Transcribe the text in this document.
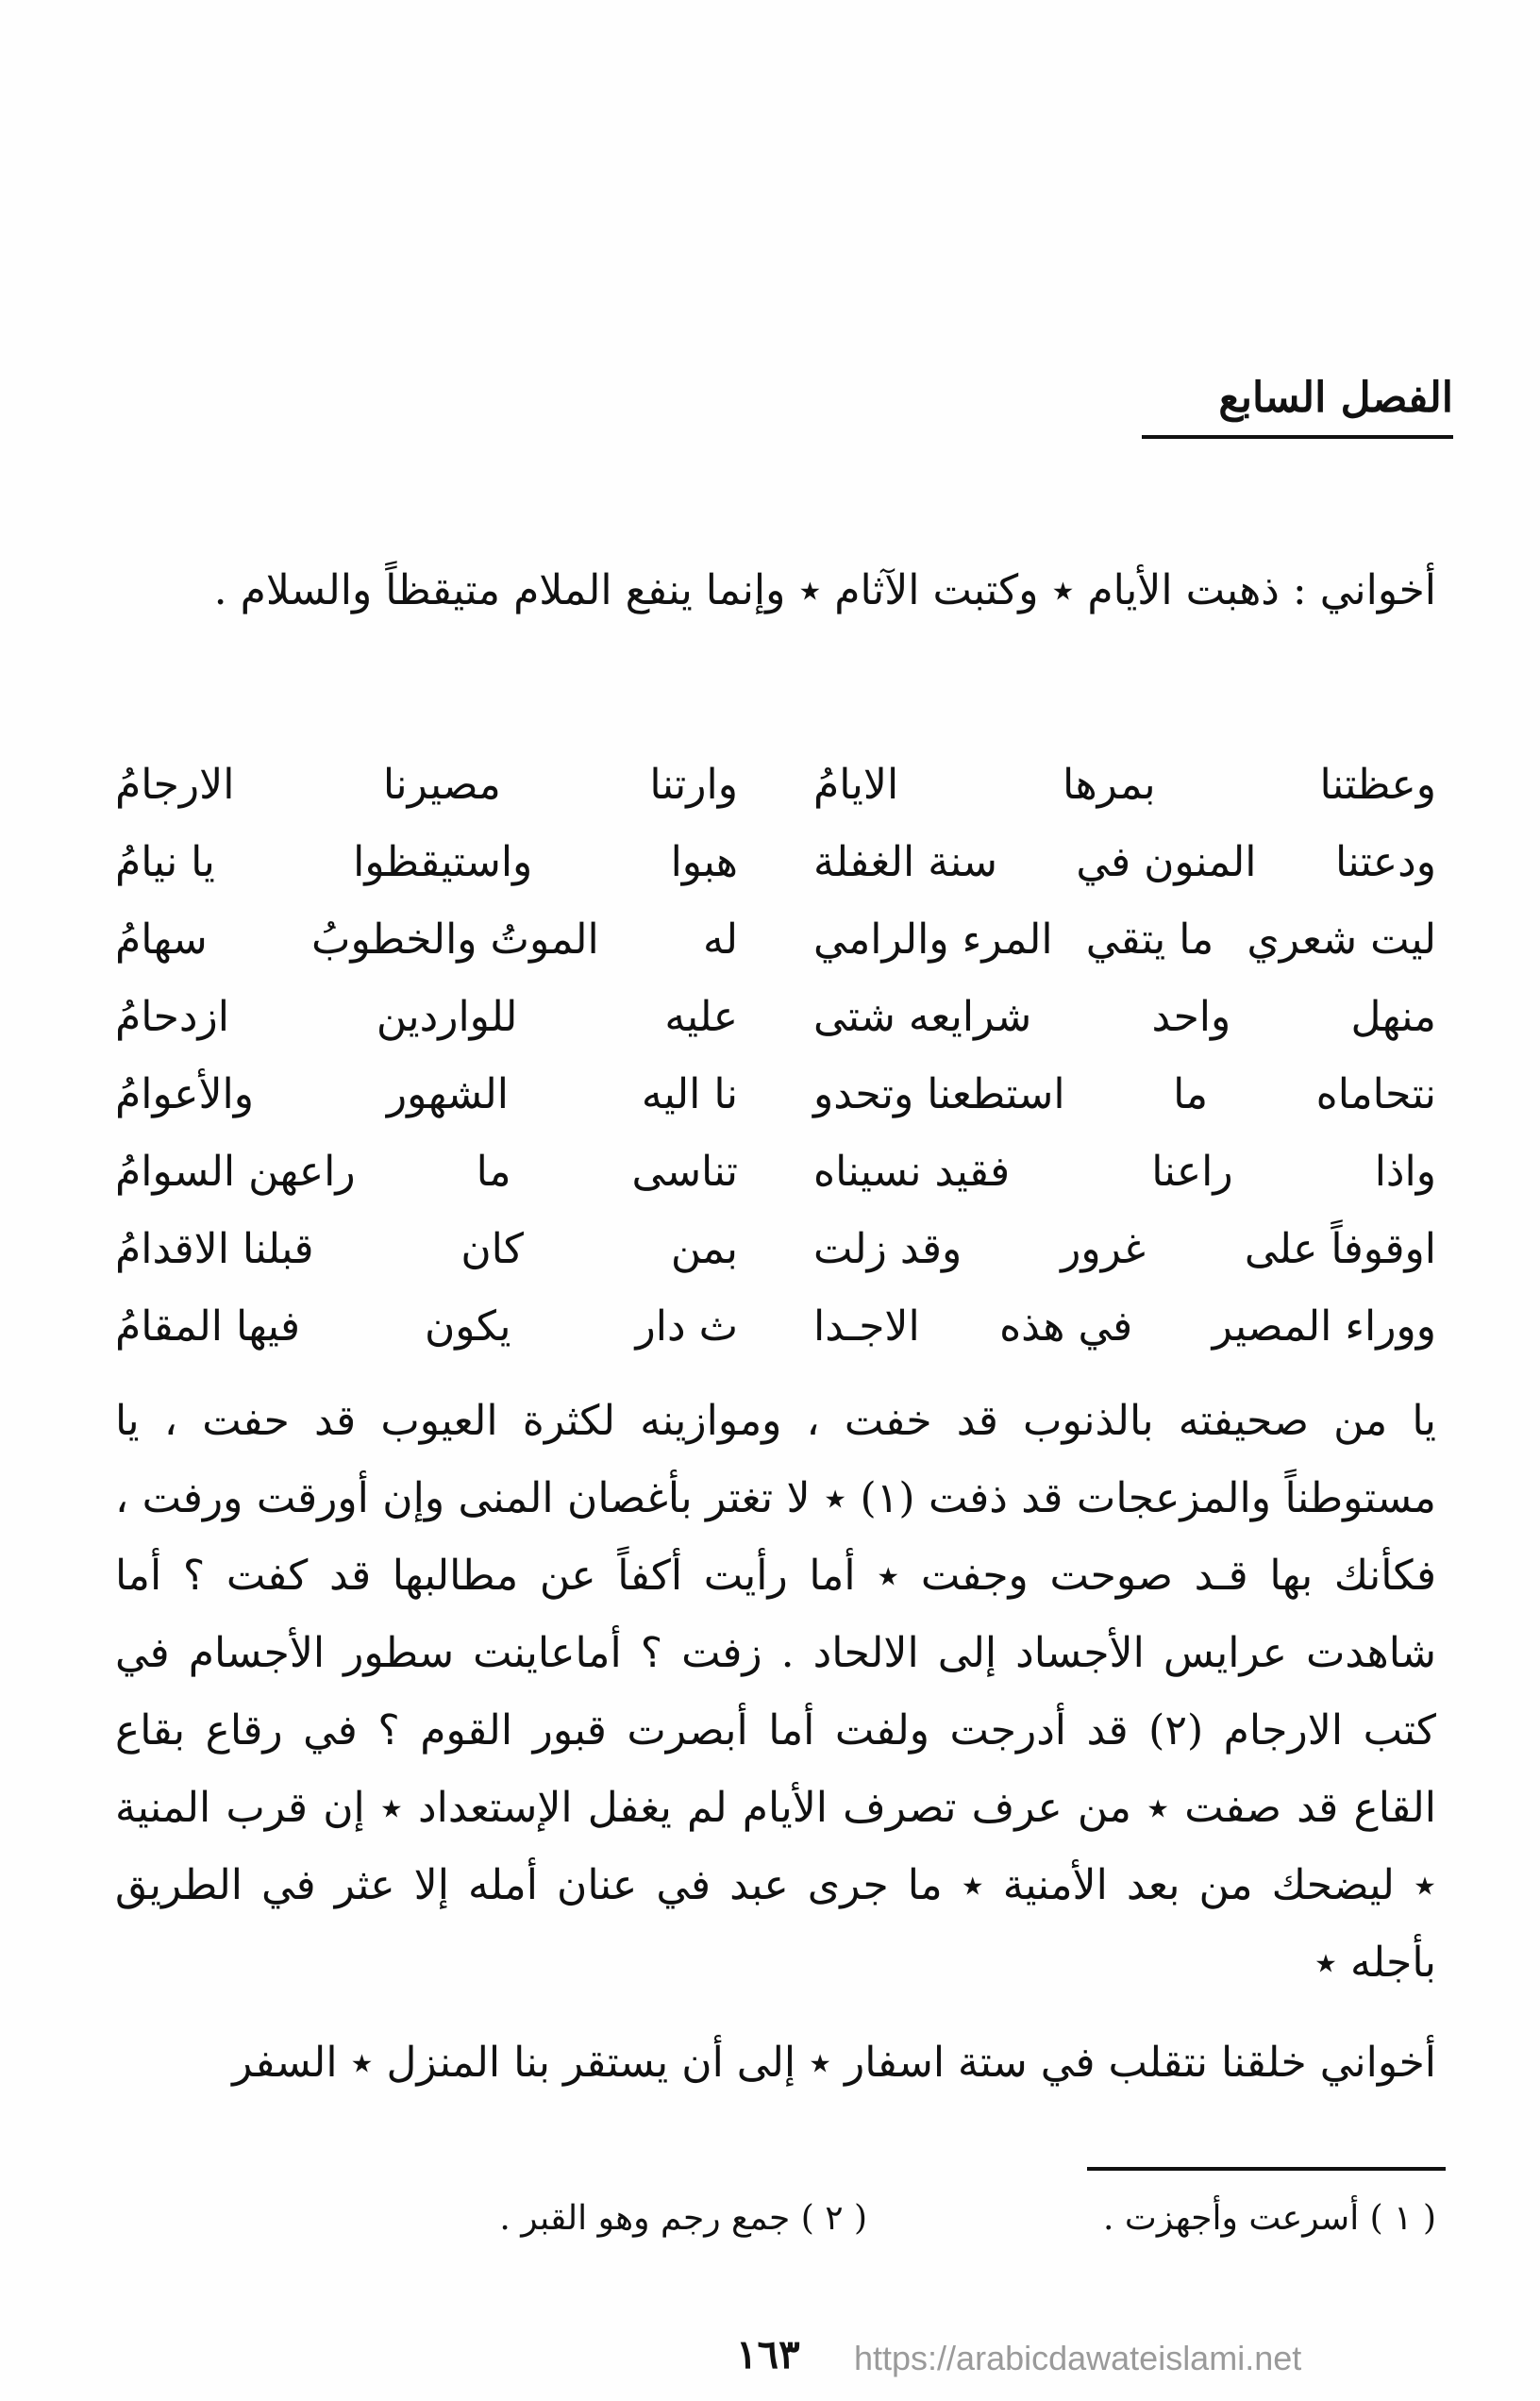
الفصل السابع
أخواني : ذهبت الأيام ٭ وكتبت الآثام ٭ وإنما ينفع الملام متيقظاً والسلام .
وعظتنا
بمرها
الايامُ
وارتنا
مصيرنا
الارجامُ
ودعتنا
المنون في
سنة الغفلة
هبوا
واستيقظوا
يا نيامُ
ليت شعري
ما يتقي
المرء والرامي
له
الموتُ والخطوبُ
سهامُ
منهل
واحد
شرايعه شتى
عليه
للواردين
ازدحامُ
نتحاماه
ما
استطعنا وتحدو
نا اليه
الشهور
والأعوامُ
واذا
راعنا
فقيد نسيناه
تناسى
ما
راعهن السوامُ
اوقوفاً على
غرور
وقد زلت
بمن
كان
قبلنا الاقدامُ
ووراء المصير
في هذه
الاجـدا
ث دار
يكون
فيها المقامُ
يا من صحيفته بالذنوب قد خفت ، وموازينه لكثرة العيوب قد حفت ، يا مستوطناً والمزعجات قد ذفت (١) ٭ لا تغتر بأغصان المنى وإن أورقت ورفت ، فكأنك بها قـد صوحت وجفت ٭ أما رأيت أكفاً عن مطالبها قد كفت ؟ أما شاهدت عرايس الأجساد إلى الالحاد . زفت ؟ أماعاينت سطور الأجسام في كتب الارجام (٢) قد أدرجت ولفت أما أبصرت قبور القوم ؟ في رقاع بقاع القاع قد صفت ٭ من عرف تصرف الأيام لم يغفل الإستعداد ٭ إن قرب المنية ٭ ليضحك من بعد الأمنية ٭ ما جرى عبد في عنان أمله إلا عثر في الطريق بأجله ٭
أخواني خلقنا نتقلب في ستة اسفار ٭ إلى أن يستقر بنا المنزل ٭ السفر
( ١ ) أسرعت وأجهزت .
( ٢ ) جمع رجم وهو القبر .
١٦٣ https://arabicdawateislami.net
